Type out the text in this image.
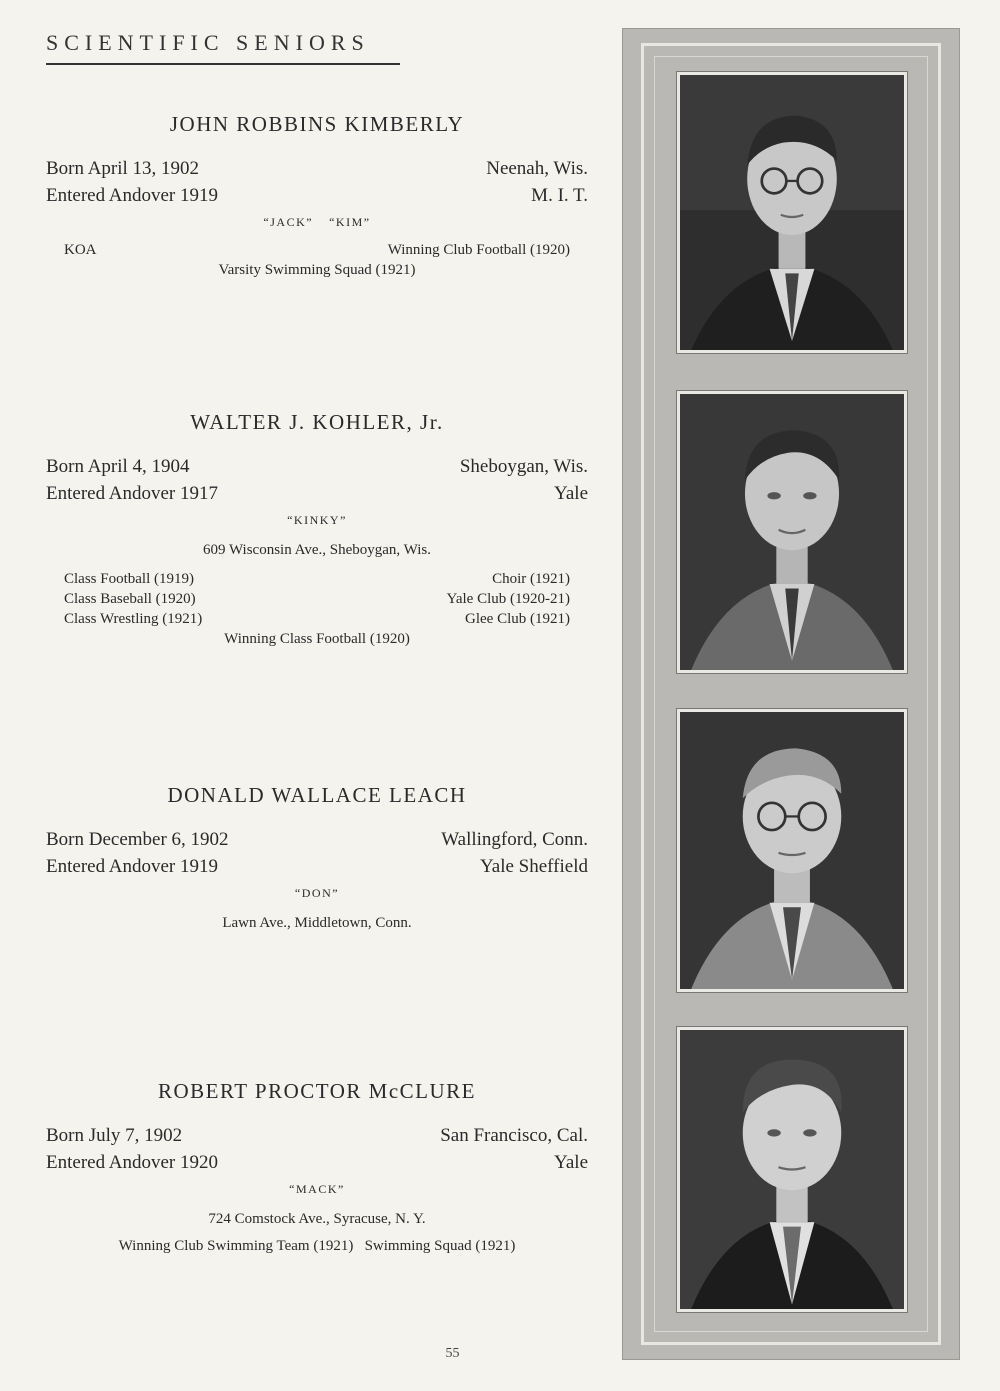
SCIENTIFIC SENIORS
JOHN ROBBINS KIMBERLY
Born April 13, 1902	Neenah, Wis.
Entered Andover 1919	M. I. T.
“JACK” “KIM”
KOA	Winning Club Football (1920)
Varsity Swimming Squad (1921)
WALTER J. KOHLER, Jr.
Born April 4, 1904	Sheboygan, Wis.
Entered Andover 1917	Yale
“KINKY”
609 Wisconsin Ave., Sheboygan, Wis.
Class Football (1919)	Choir (1921)
Class Baseball (1920)	Yale Club (1920-21)
Class Wrestling (1921)	Glee Club (1921)
Winning Class Football (1920)
DONALD WALLACE LEACH
Born December 6, 1902	Wallingford, Conn.
Entered Andover 1919	Yale Sheffield
“DON”
Lawn Ave., Middletown, Conn.
ROBERT PROCTOR McCLURE
Born July 7, 1902	San Francisco, Cal.
Entered Andover 1920	Yale
“MACK”
724 Comstock Ave., Syracuse, N. Y.
Winning Club Swimming Team (1921)   Swimming Squad (1921)
55
